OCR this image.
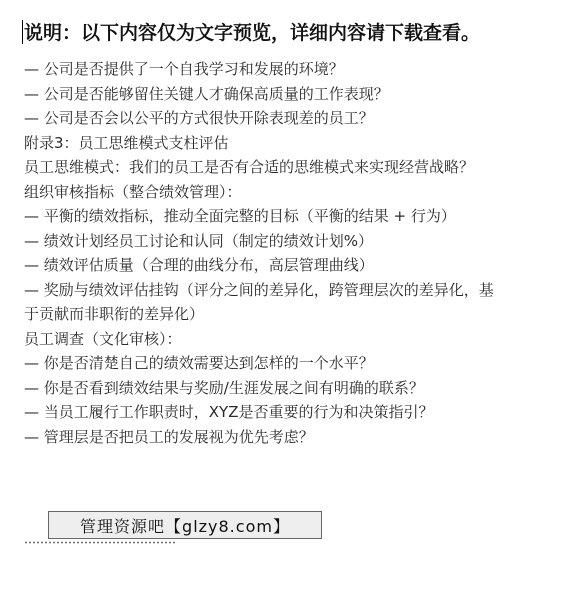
说明：以下内容仅为文字预览，详细内容请下载查看。

— 公司是否提供了一个自我学习和发展的环境？

— 公司是否能够留住关键人才确保高质量的工作表现？

— 公司是否会以公平的方式很快开除表现差的员工？

附录3：员工思维模式支柱评估

员工思维模式：我们的员工是否有合适的思维模式来实现经营战略？

组织审核指标（整合绩效管理）：

— 平衡的绩效指标，推动全面完整的目标（平衡的结果 + 行为）

— 绩效计划经员工讨论和认同（制定的绩效计划%）

— 绩效评估质量（合理的曲线分布，高层管理曲线）

— 奖励与绩效评估挂钩（评分之间的差异化，跨管理层次的差异化，基

于贡献而非职衔的差异化）

员工调查（文化审核）：

— 你是否清楚自己的绩效需要达到怎样的一个水平？

— 你是否看到绩效结果与奖励/生涯发展之间有明确的联系？

— 当员工履行工作职责时，XYZ是否重要的行为和决策指引？

— 管理层是否把员工的发展视为优先考虑？

管理资源吧【glzy8.com】
